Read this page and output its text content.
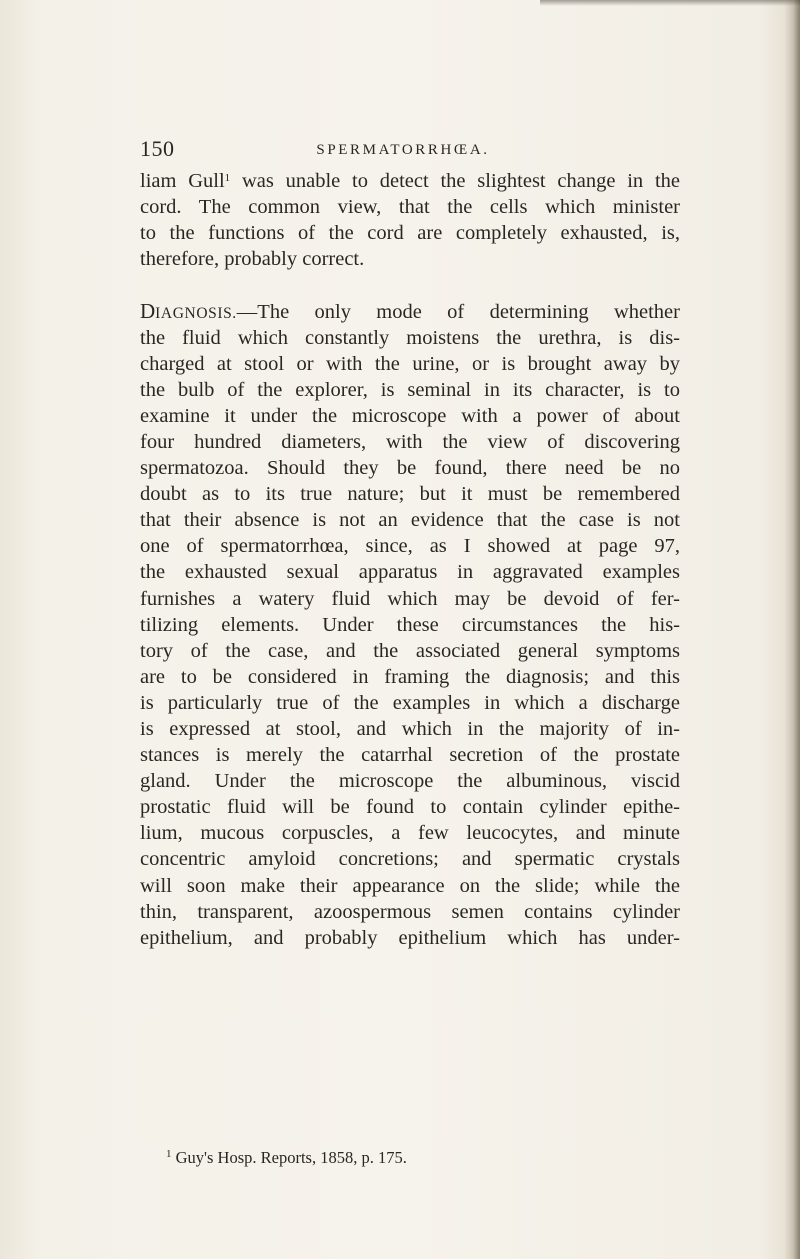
150	SPERMATORRHŒA.
liam Gull$^1$ was unable to detect the slightest change in the
cord. The common view, that the cells which minister
to the functions of the cord are completely exhausted, is,
therefore, probably correct.
DIAGNOSIS.—The only mode of determining whether
the fluid which constantly moistens the urethra, is dis-
charged at stool or with the urine, or is brought away by
the bulb of the explorer, is seminal in its character, is to
examine it under the microscope with a power of about
four hundred diameters, with the view of discovering
spermatozoa. Should they be found, there need be no
doubt as to its true nature; but it must be remembered
that their absence is not an evidence that the case is not
one of spermatorrhœa, since, as I showed at page 97,
the exhausted sexual apparatus in aggravated examples
furnishes a watery fluid which may be devoid of fer-
tilizing elements. Under these circumstances the his-
tory of the case, and the associated general symptoms
are to be considered in framing the diagnosis; and this
is particularly true of the examples in which a discharge
is expressed at stool, and which in the majority of in-
stances is merely the catarrhal secretion of the prostate
gland. Under the microscope the albuminous, viscid
prostatic fluid will be found to contain cylinder epithe-
lium, mucous corpuscles, a few leucocytes, and minute
concentric amyloid concretions; and spermatic crystals
will soon make their appearance on the slide; while the
thin, transparent, azoospermous semen contains cylinder
epithelium, and probably epithelium which has under-
$^1$ Guy's Hosp. Reports, 1858, p. 175.
